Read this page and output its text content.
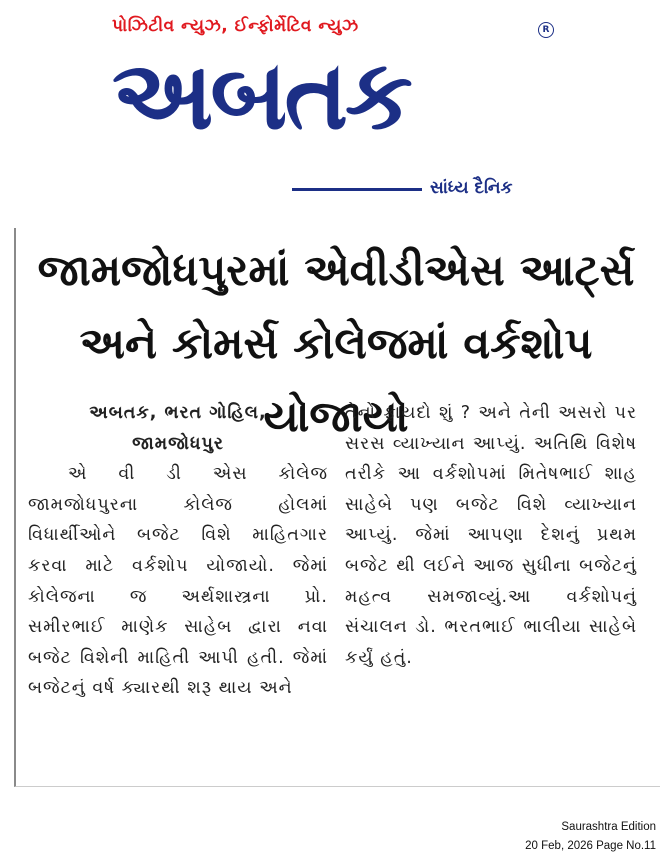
પોઝિટીવ ન્યુઝ, ઈન્ફોર્મેટિવ ન્યુઝ	R
અબતક
સાંધ્ય દૈનિક
જામજોધપુરમાં એવીડીએસ આર્ટ્સ અને કોમર્સ કોલેજમાં વર્કશોપ યોજાયો
અબતક, ભરત ગોહિલ,
જામજોધપુર
એ વી ડી એસ કોલેજ જામજોધપુરના કોલેજ હોલમાં વિધાર્થીઓને બજેટ વિશે માહિતગાર કરવા માટે વર્કશોપ યોજાયો. જેમાં કોલેજના જ અર્થશાસ્ત્રના પ્રો. સમીરભાઈ માણેક સાહેબ દ્વારા નવા બજેટ વિશેની માહિતી આપી હતી. જેમાં બજેટનું વર્ષ ક્યારથી શરૂ થાય અને
તેનો ફાયદો શું ? અને તેની અસરો પર સરસ વ્યાખ્યાન આપ્યું. અતિથિ વિશેષ તરીકે આ વર્કશોપમાં મિતેષભાઈ શાહ સાહેબે પણ બજેટ વિશે વ્યાખ્યાન આપ્યું. જેમાં આપણા દેશનું પ્રથમ બજેટ થી લઈને આજ સુધીના બજેટનું મહત્વ સમજાવ્યું.આ વર્કશોપનું સંચાલન ડો. ભરતભાઈ ભાલીયા સાહેબે કર્યું હતું.
Saurashtra Edition
20 Feb, 2026 Page No.11
